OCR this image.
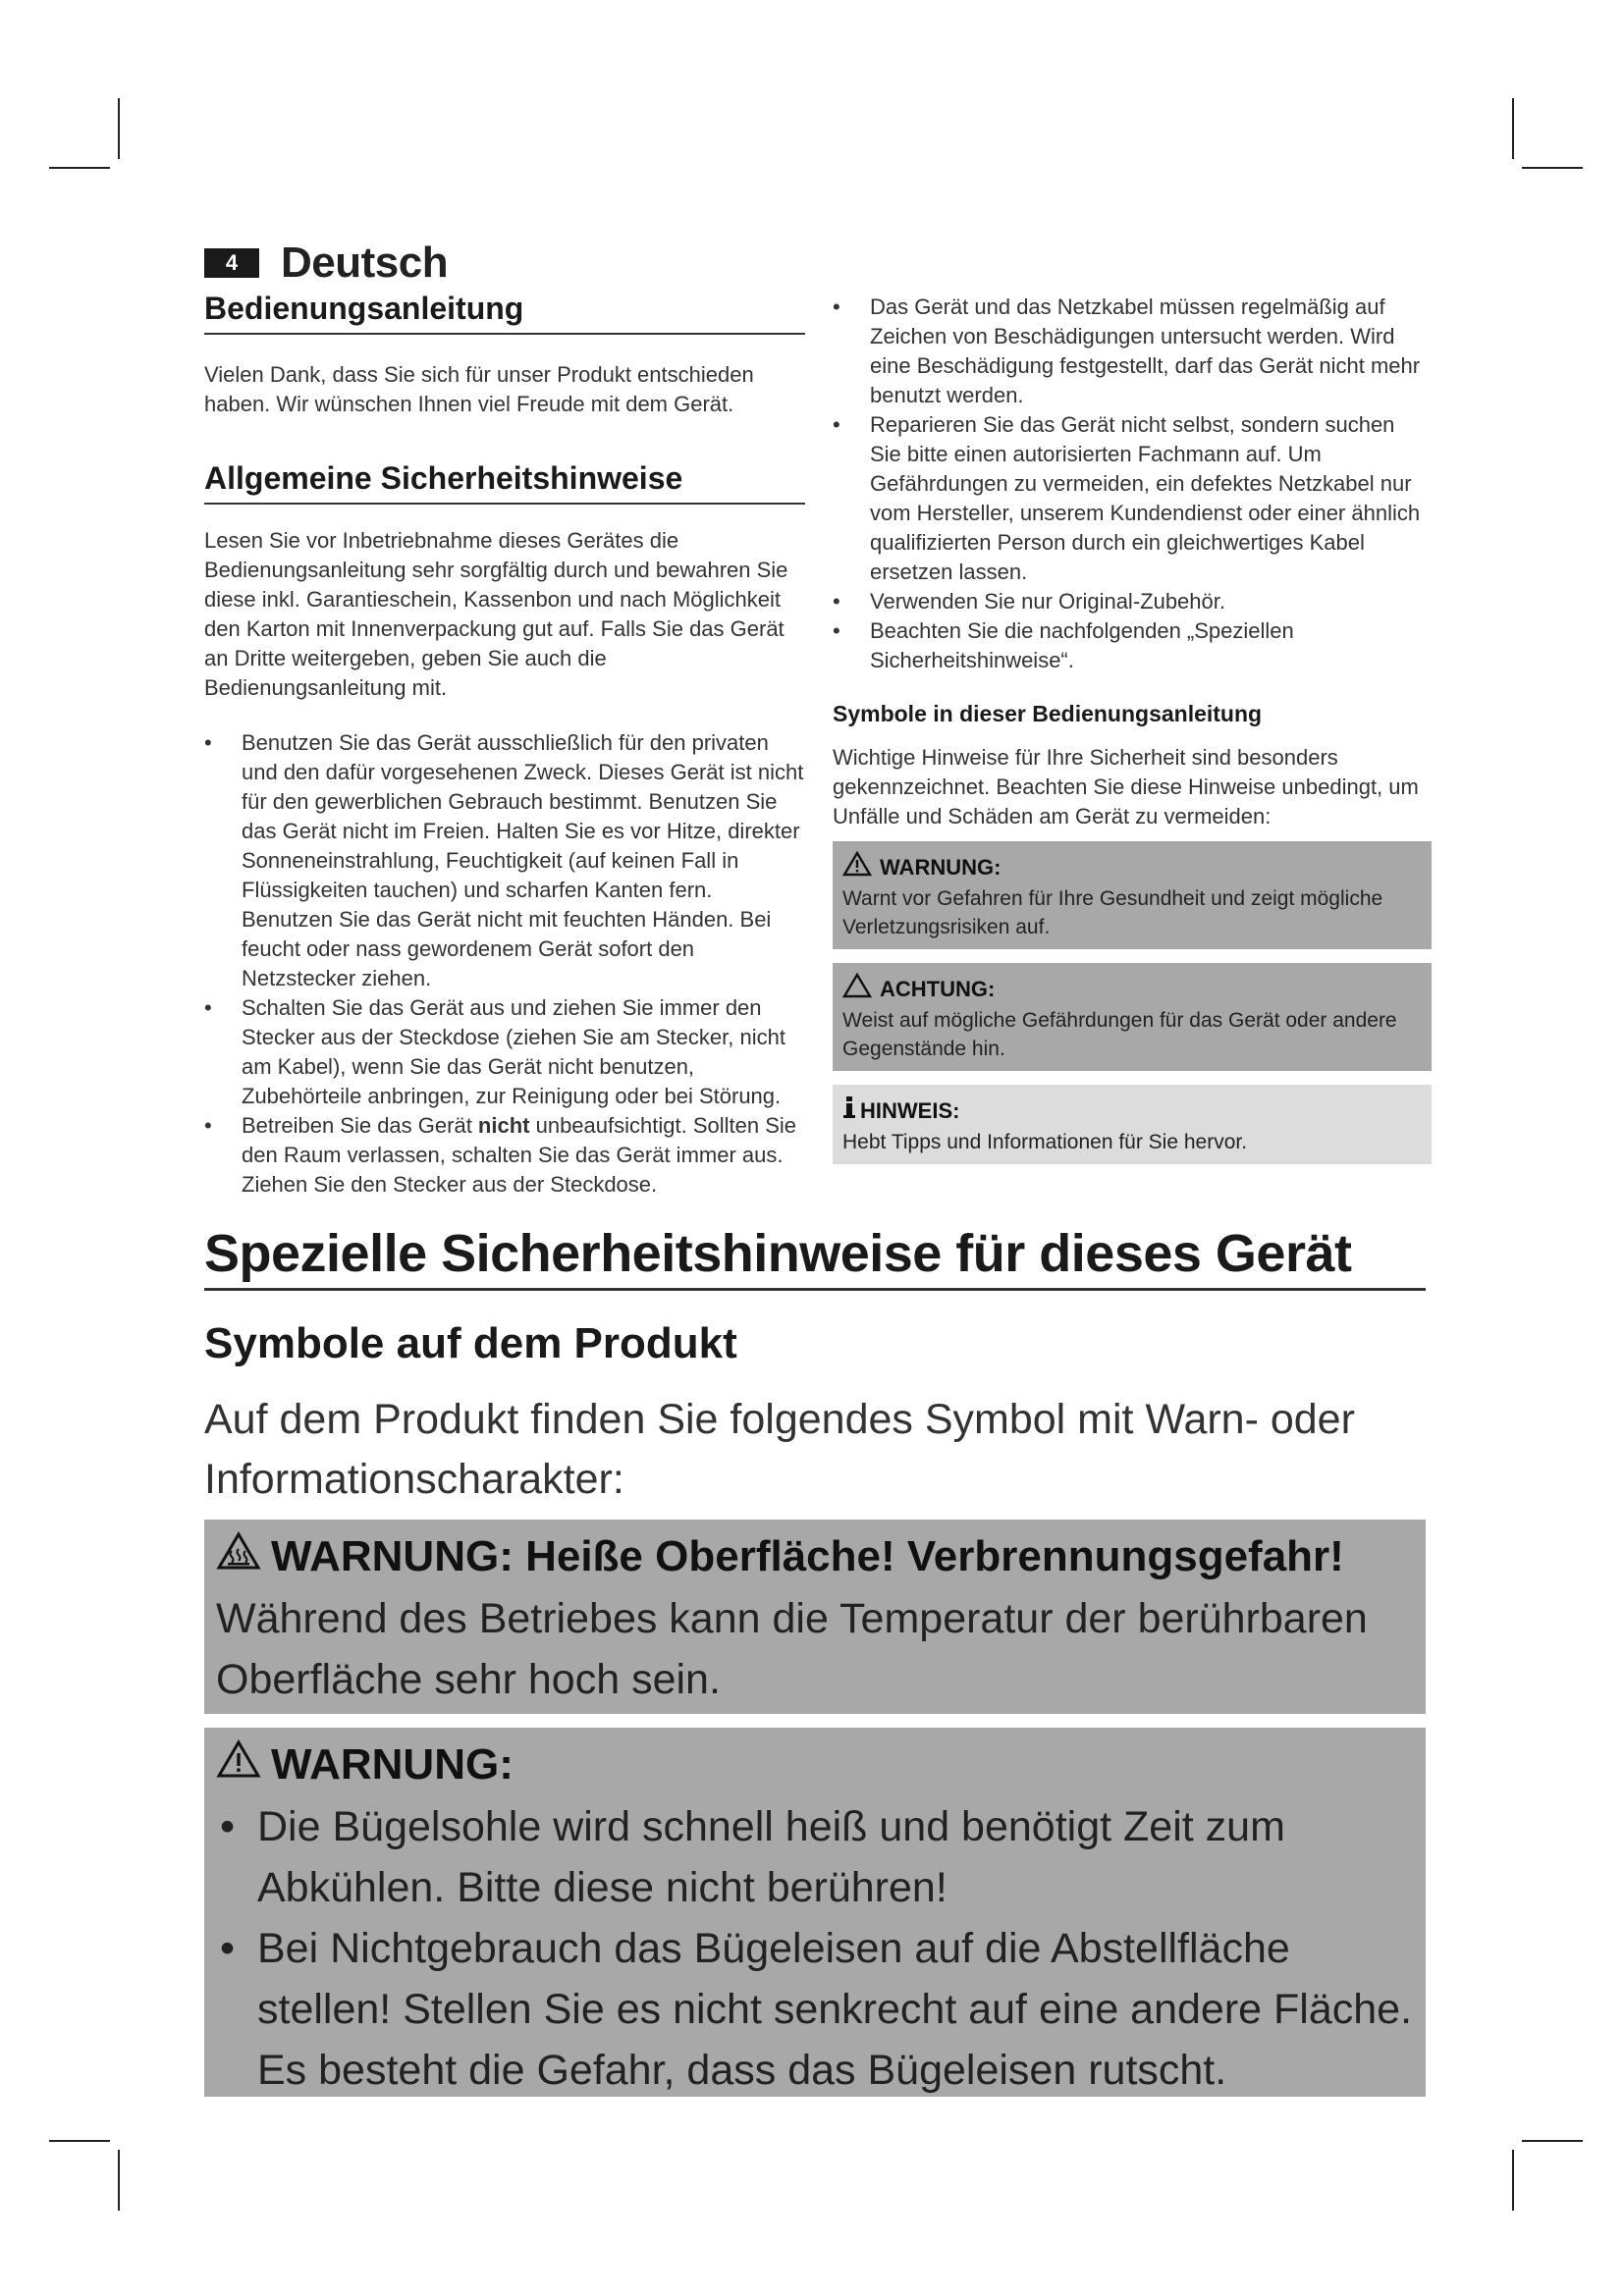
4 Deutsch
Bedienungsanleitung

Vielen Dank, dass Sie sich für unser Produkt entschieden haben. Wir wünschen Ihnen viel Freude mit dem Gerät.

Allgemeine Sicherheitshinweise

Lesen Sie vor Inbetriebnahme dieses Gerätes die Bedienungsanleitung sehr sorgfältig durch und bewahren Sie diese inkl. Garantieschein, Kassenbon und nach Möglichkeit den Karton mit Innenverpackung gut auf. Falls Sie das Gerät an Dritte weitergeben, geben Sie auch die Bedienungsanleitung mit.

• Benutzen Sie das Gerät ausschließlich für den privaten und den dafür vorgesehenen Zweck. Dieses Gerät ist nicht für den gewerblichen Gebrauch bestimmt. Benutzen Sie das Gerät nicht im Freien. Halten Sie es vor Hitze, direkter Sonneneinstrahlung, Feuchtigkeit (auf keinen Fall in Flüssigkeiten tauchen) und scharfen Kanten fern. Benutzen Sie das Gerät nicht mit feuchten Händen. Bei feucht oder nass gewordenem Gerät sofort den Netzstecker ziehen.
• Schalten Sie das Gerät aus und ziehen Sie immer den Stecker aus der Steckdose (ziehen Sie am Stecker, nicht am Kabel), wenn Sie das Gerät nicht benutzen, Zubehörteile anbringen, zur Reinigung oder bei Störung.
• Betreiben Sie das Gerät nicht unbeaufsichtigt. Sollten Sie den Raum verlassen, schalten Sie das Gerät immer aus. Ziehen Sie den Stecker aus der Steckdose.
• Das Gerät und das Netzkabel müssen regelmäßig auf Zeichen von Beschädigungen untersucht werden. Wird eine Beschädigung festgestellt, darf das Gerät nicht mehr benutzt werden.
• Reparieren Sie das Gerät nicht selbst, sondern suchen Sie bitte einen autorisierten Fachmann auf. Um Gefährdungen zu vermeiden, ein defektes Netzkabel nur vom Hersteller, unserem Kundendienst oder einer ähnlich qualifizierten Person durch ein gleichwertiges Kabel ersetzen lassen.
• Verwenden Sie nur Original-Zubehör.
• Beachten Sie die nachfolgenden „Speziellen Sicherheitshinweise“.
Symbole in dieser Bedienungsanleitung

Wichtige Hinweise für Ihre Sicherheit sind besonders gekennzeichnet. Beachten Sie diese Hinweise unbedingt, um Unfälle und Schäden am Gerät zu vermeiden:

WARNUNG:
Warnt vor Gefahren für Ihre Gesundheit und zeigt mögliche Verletzungsrisiken auf.
ACHTUNG:
Weist auf mögliche Gefährdungen für das Gerät oder andere Gegenstände hin.
HINWEIS:
Hebt Tipps und Informationen für Sie hervor.
Spezielle Sicherheitshinweise für dieses Gerät
Symbole auf dem Produkt

Auf dem Produkt finden Sie folgendes Symbol mit Warn- oder Informationscharakter:

WARNUNG: Heiße Oberfläche! Verbrennungsgefahr!

Während des Betriebes kann die Temperatur der berührbaren Oberfläche sehr hoch sein.

WARNUNG:
• Die Bügelsohle wird schnell heiß und benötigt Zeit zum Abkühlen. Bitte diese nicht berühren!
• Bei Nichtgebrauch das Bügeleisen auf die Abstellfläche stellen! Stellen Sie es nicht senkrecht auf eine andere Fläche. Es besteht die Gefahr, dass das Bügeleisen rutscht.
